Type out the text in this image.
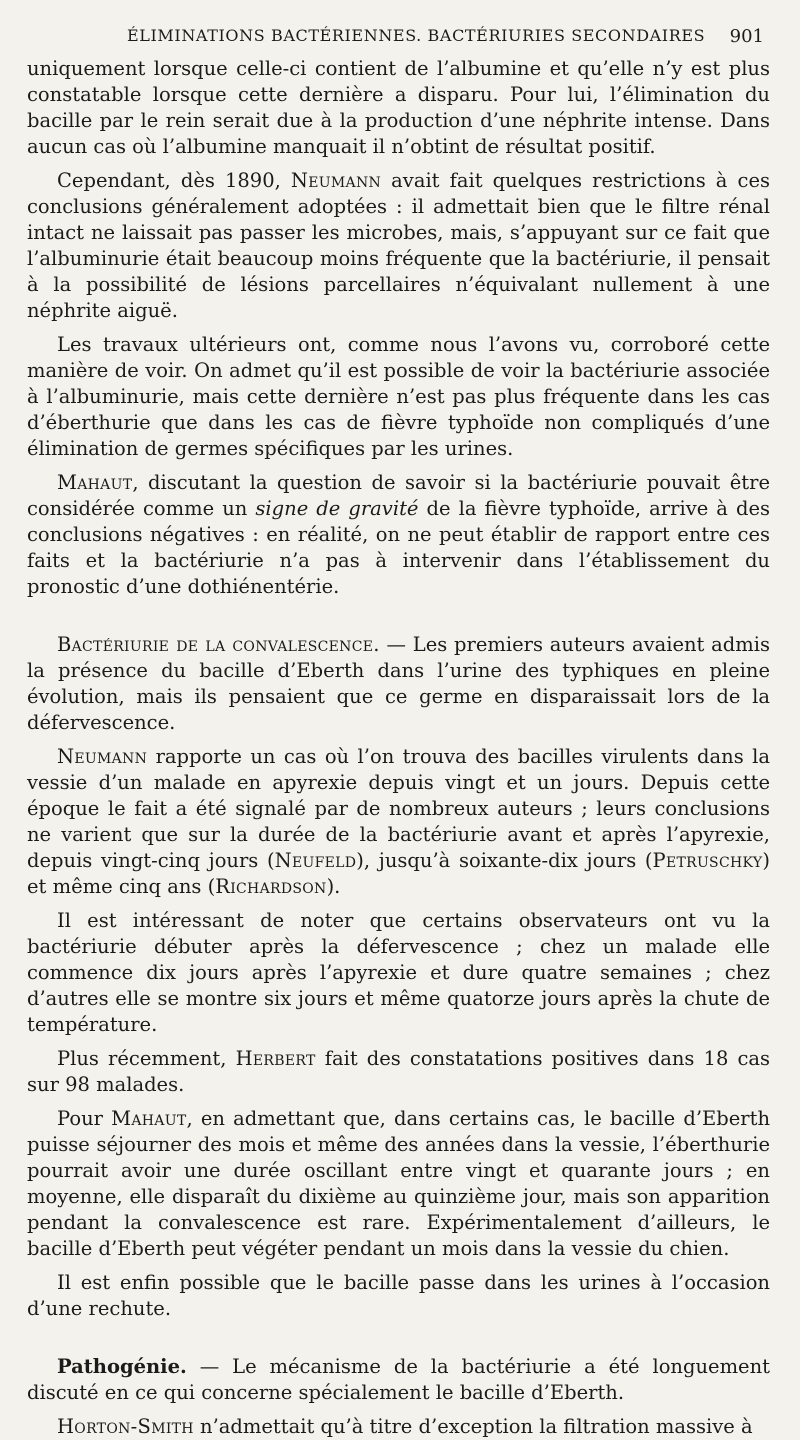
ÉLIMINATIONS BACTÉRIENNES. BACTÉRIURIES SECONDAIRES 901

uniquement lorsque celle-ci contient de l’albumine et qu’elle n’y est plus constatable lorsque cette dernière a disparu. Pour lui, l’élimination du bacille par le rein serait due à la production d’une néphrite intense. Dans aucun cas où l’albumine manquait il n’obtint de résultat positif.

Cependant, dès 1890, Neumann avait fait quelques restrictions à ces conclusions généralement adoptées : il admettait bien que le filtre rénal intact ne laissait pas passer les microbes, mais, s’appuyant sur ce fait que l’albuminurie était beaucoup moins fréquente que la bactériurie, il pensait à la possibilité de lésions parcellaires n’équivalant nullement à une néphrite aiguë.

Les travaux ultérieurs ont, comme nous l’avons vu, corroboré cette manière de voir. On admet qu’il est possible de voir la bactériurie associée à l’albuminurie, mais cette dernière n’est pas plus fréquente dans les cas d’éberthurie que dans les cas de fièvre typhoïde non compliqués d’une élimination de germes spécifiques par les urines.

Mahaut, discutant la question de savoir si la bactériurie pouvait être considérée comme un signe de gravité de la fièvre typhoïde, arrive à des conclusions négatives : en réalité, on ne peut établir de rapport entre ces faits et la bactériurie n’a pas à intervenir dans l’établissement du pronostic d’une dothiénentérie.

Bactériurie de la convalescence. — Les premiers auteurs avaient admis la présence du bacille d’Eberth dans l’urine des typhiques en pleine évolution, mais ils pensaient que ce germe en disparaissait lors de la défervescence.

Neumann rapporte un cas où l’on trouva des bacilles virulents dans la vessie d’un malade en apyrexie depuis vingt et un jours. Depuis cette époque le fait a été signalé par de nombreux auteurs ; leurs conclusions ne varient que sur la durée de la bactériurie avant et après l’apyrexie, depuis vingt-cinq jours (Neufeld), jusqu’à soixante-dix jours (Petruschky) et même cinq ans (Richardson).

Il est intéressant de noter que certains observateurs ont vu la bactériurie débuter après la défervescence ; chez un malade elle commence dix jours après l’apyrexie et dure quatre semaines ; chez d’autres elle se montre six jours et même quatorze jours après la chute de température.

Plus récemment, Herbert fait des constatations positives dans 18 cas sur 98 malades.

Pour Mahaut, en admettant que, dans certains cas, le bacille d’Eberth puisse séjourner des mois et même des années dans la vessie, l’éberthurie pourrait avoir une durée oscillant entre vingt et quarante jours ; en moyenne, elle disparaît du dixième au quinzième jour, mais son apparition pendant la convalescence est rare. Expérimentalement d’ailleurs, le bacille d’Eberth peut végéter pendant un mois dans la vessie du chien.

Il est enfin possible que le bacille passe dans les urines à l’occasion d’une rechute.

Pathogénie. — Le mécanisme de la bactériurie a été longuement discuté en ce qui concerne spécialement le bacille d’Eberth.

Horton-Smith n’admettait qu’à titre d’exception la filtration massive à
